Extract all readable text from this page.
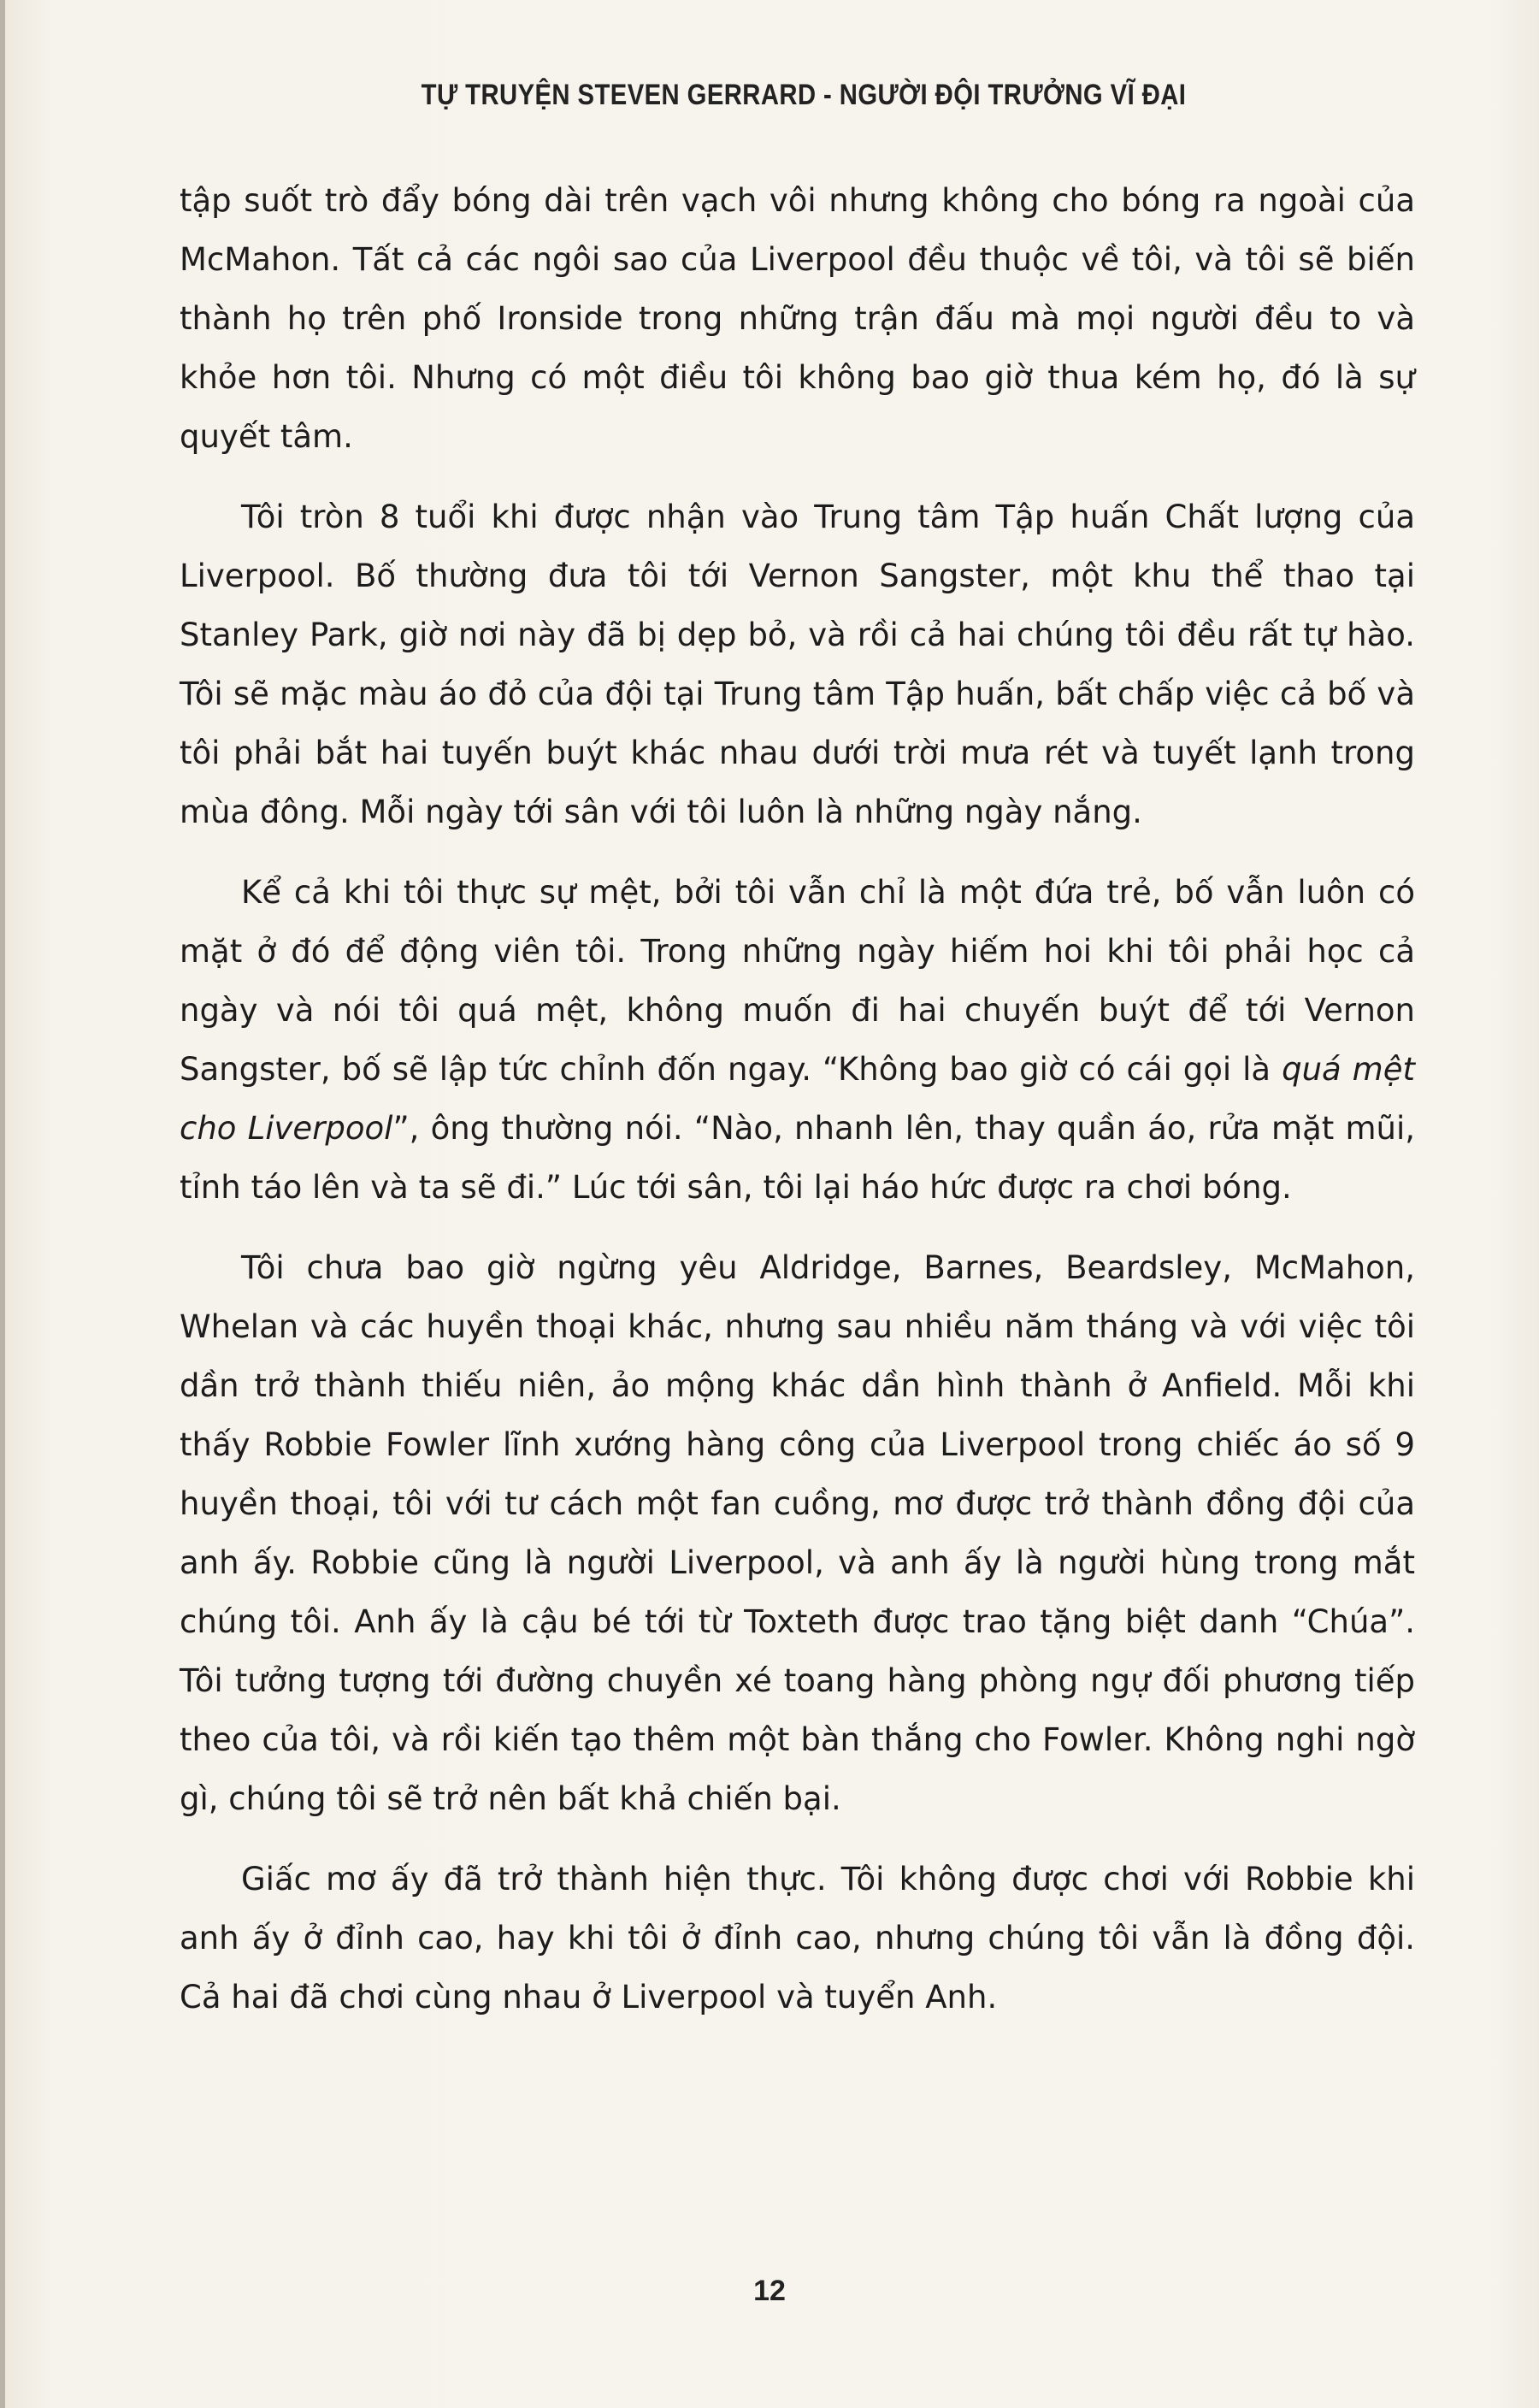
TỰ TRUYỆN STEVEN GERRARD - NGƯỜI ĐỘI TRƯỞNG VĨ ĐẠI

tập suốt trò đẩy bóng dài trên vạch vôi nhưng không cho bóng ra ngoài của McMahon. Tất cả các ngôi sao của Liverpool đều thuộc về tôi, và tôi sẽ biến thành họ trên phố Ironside trong những trận đấu mà mọi người đều to và khỏe hơn tôi. Nhưng có một điều tôi không bao giờ thua kém họ, đó là sự quyết tâm.

Tôi tròn 8 tuổi khi được nhận vào Trung tâm Tập huấn Chất lượng của Liverpool. Bố thường đưa tôi tới Vernon Sangster, một khu thể thao tại Stanley Park, giờ nơi này đã bị dẹp bỏ, và rồi cả hai chúng tôi đều rất tự hào. Tôi sẽ mặc màu áo đỏ của đội tại Trung tâm Tập huấn, bất chấp việc cả bố và tôi phải bắt hai tuyến buýt khác nhau dưới trời mưa rét và tuyết lạnh trong mùa đông. Mỗi ngày tới sân với tôi luôn là những ngày nắng.

Kể cả khi tôi thực sự mệt, bởi tôi vẫn chỉ là một đứa trẻ, bố vẫn luôn có mặt ở đó để động viên tôi. Trong những ngày hiếm hoi khi tôi phải học cả ngày và nói tôi quá mệt, không muốn đi hai chuyến buýt để tới Vernon Sangster, bố sẽ lập tức chỉnh đốn ngay. “Không bao giờ có cái gọi là quá mệt cho Liverpool”, ông thường nói. “Nào, nhanh lên, thay quần áo, rửa mặt mũi, tỉnh táo lên và ta sẽ đi.” Lúc tới sân, tôi lại háo hức được ra chơi bóng.

Tôi chưa bao giờ ngừng yêu Aldridge, Barnes, Beardsley, McMahon, Whelan và các huyền thoại khác, nhưng sau nhiều năm tháng và với việc tôi dần trở thành thiếu niên, ảo mộng khác dần hình thành ở Anfield. Mỗi khi thấy Robbie Fowler lĩnh xướng hàng công của Liverpool trong chiếc áo số 9 huyền thoại, tôi với tư cách một fan cuồng, mơ được trở thành đồng đội của anh ấy. Robbie cũng là người Liverpool, và anh ấy là người hùng trong mắt chúng tôi. Anh ấy là cậu bé tới từ Toxteth được trao tặng biệt danh “Chúa”. Tôi tưởng tượng tới đường chuyền xé toang hàng phòng ngự đối phương tiếp theo của tôi, và rồi kiến tạo thêm một bàn thắng cho Fowler. Không nghi ngờ gì, chúng tôi sẽ trở nên bất khả chiến bại.

Giấc mơ ấy đã trở thành hiện thực. Tôi không được chơi với Robbie khi anh ấy ở đỉnh cao, hay khi tôi ở đỉnh cao, nhưng chúng tôi vẫn là đồng đội. Cả hai đã chơi cùng nhau ở Liverpool và tuyển Anh.

12
